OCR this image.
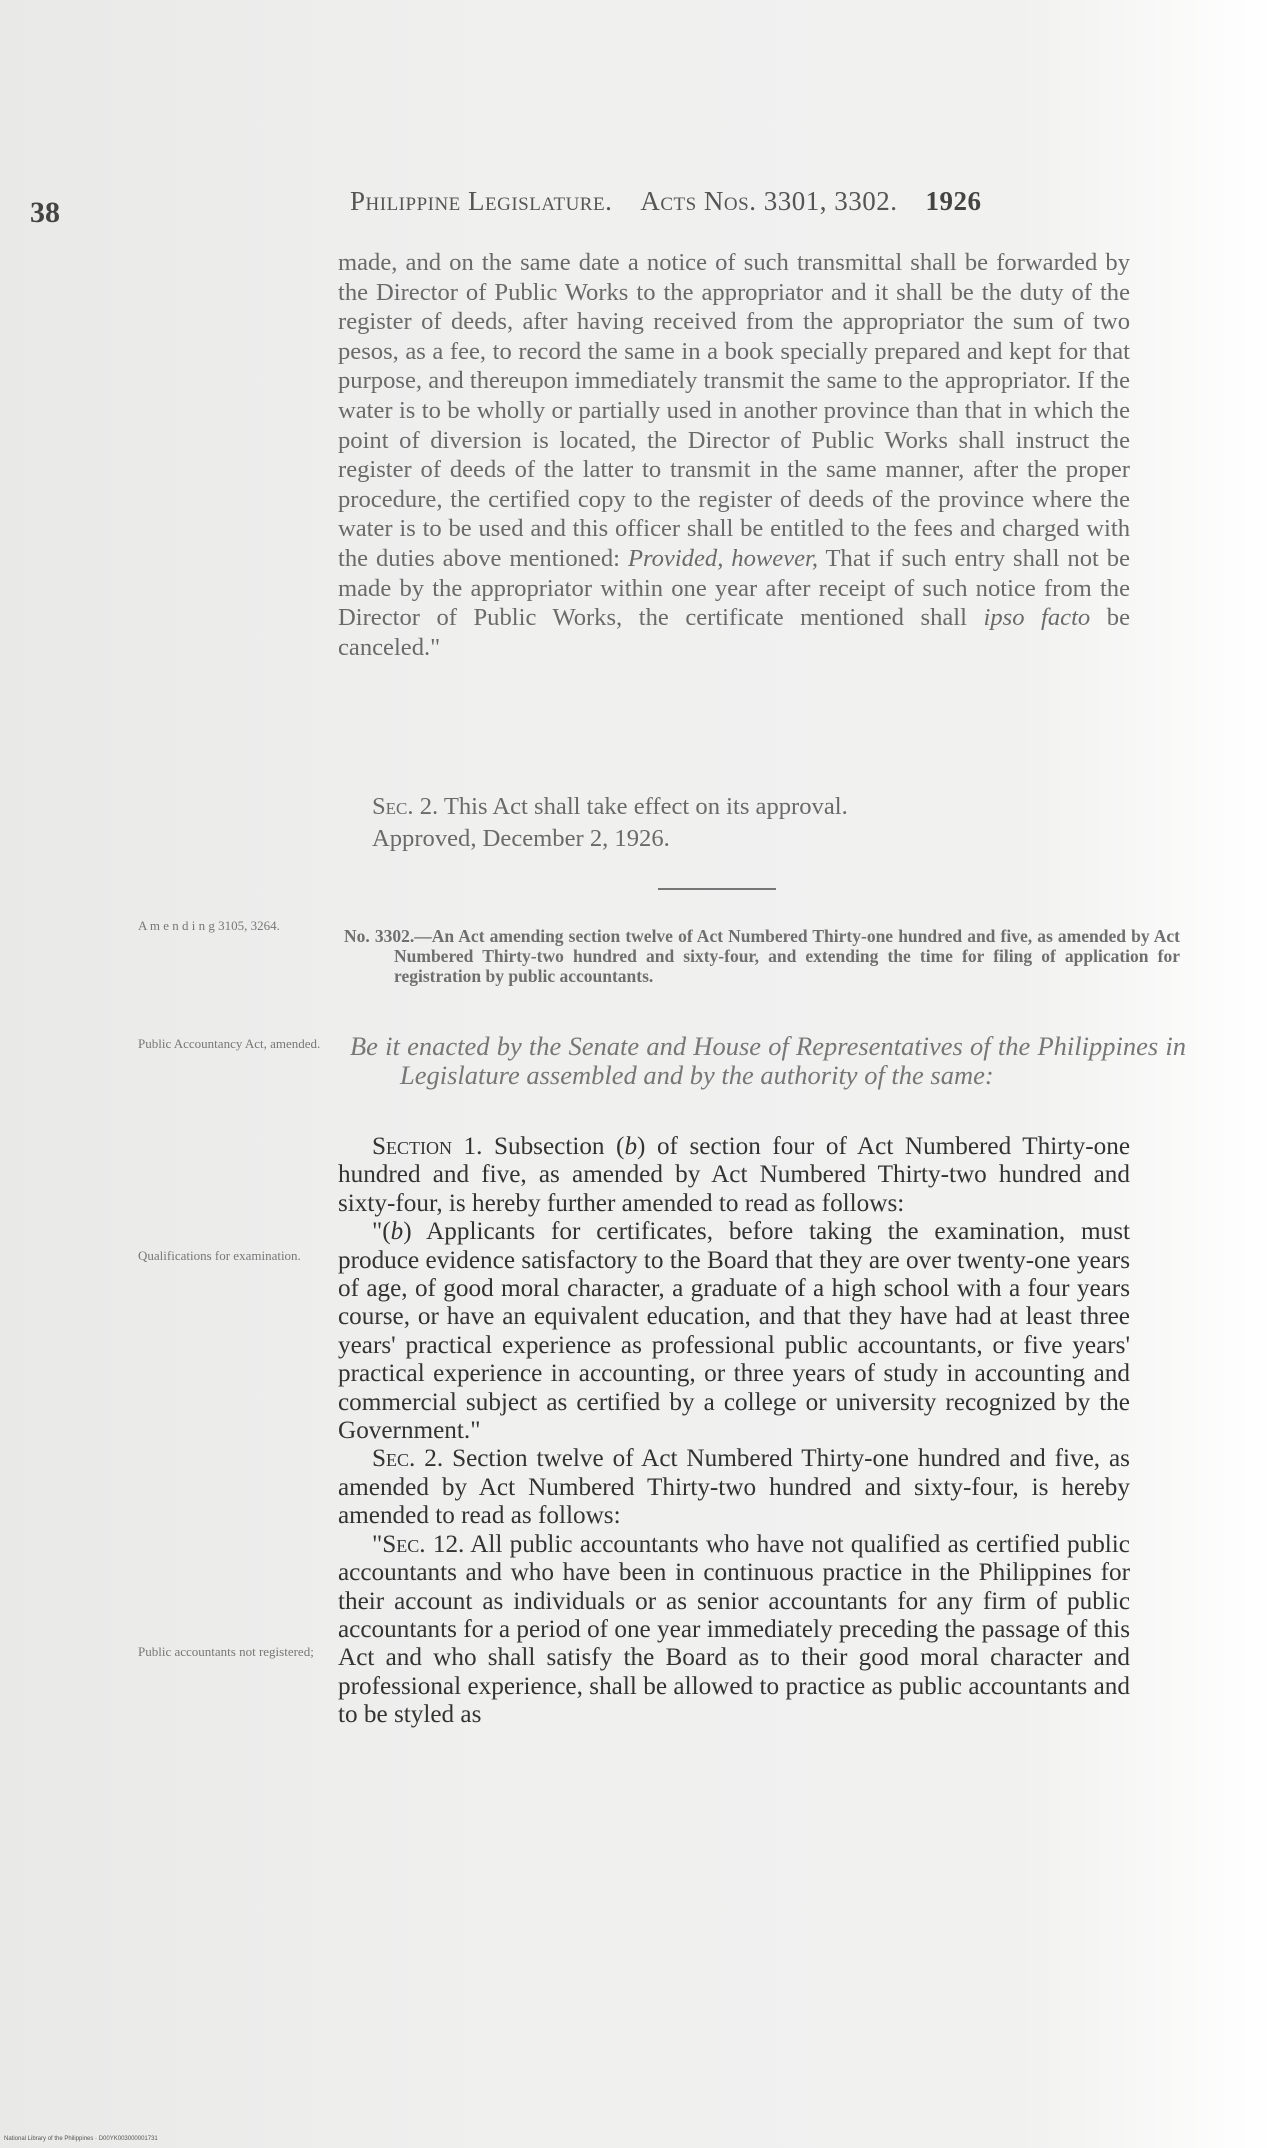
38	Philippine Legislature. Acts Nos. 3301, 3302. 1926

made, and on the same date a notice of such transmittal shall be forwarded by the Director of Public Works to the appropriator and it shall be the duty of the register of deeds, after having received from the appropriator the sum of two pesos, as a fee, to record the same in a book specially prepared and kept for that purpose, and thereupon immediately transmit the same to the appropriator. If the water is to be wholly or partially used in another province than that in which the point of diversion is located, the Director of Public Works shall instruct the register of deeds of the latter to transmit in the same manner, after the proper procedure, the certified copy to the register of deeds of the province where the water is to be used and this officer shall be entitled to the fees and charged with the duties above mentioned: Provided, however, That if such entry shall not be made by the appropriator within one year after receipt of such notice from the Director of Public Works, the certificate mentioned shall ipso facto be canceled."

Sec. 2. This Act shall take effect on its approval.

Approved, December 2, 1926.

A m e n d i n g 3105, 3264.
No. 3302.—An Act amending section twelve of Act Numbered Thirty-one hundred and five, as amended by Act Numbered Thirty-two hundred and sixty-four, and extending the time for filing of application for registration by public accountants.
Public Accountancy Act, amended.	Be it enacted by the Senate and House of Representatives of the Philippines in Legislature assembled and by the authority of the same:
Qualifications for examination.
Public accountants not registered;

Section 1. Subsection (b) of section four of Act Numbered Thirty-one hundred and five, as amended by Act Numbered Thirty-two hundred and sixty-four, is hereby further amended to read as follows:

"(b) Applicants for certificates, before taking the examination, must produce evidence satisfactory to the Board that they are over twenty-one years of age, of good moral character, a graduate of a high school with a four years course, or have an equivalent education, and that they have had at least three years' practical experience as professional public accountants, or five years' practical experience in accounting, or three years of study in accounting and commercial subject as certified by a college or university recognized by the Government."

Sec. 2. Section twelve of Act Numbered Thirty-one hundred and five, as amended by Act Numbered Thirty-two hundred and sixty-four, is hereby amended to read as follows:

"Sec. 12. All public accountants who have not qualified as certified public accountants and who have been in continuous practice in the Philippines for their account as individuals or as senior accountants for any firm of public accountants for a period of one year immediately preceding the passage of this Act and who shall satisfy the Board as to their good moral character and professional experience, shall be allowed to practice as public accountants and to be styled as

National Library of the Philippines · D00YK003000001731
